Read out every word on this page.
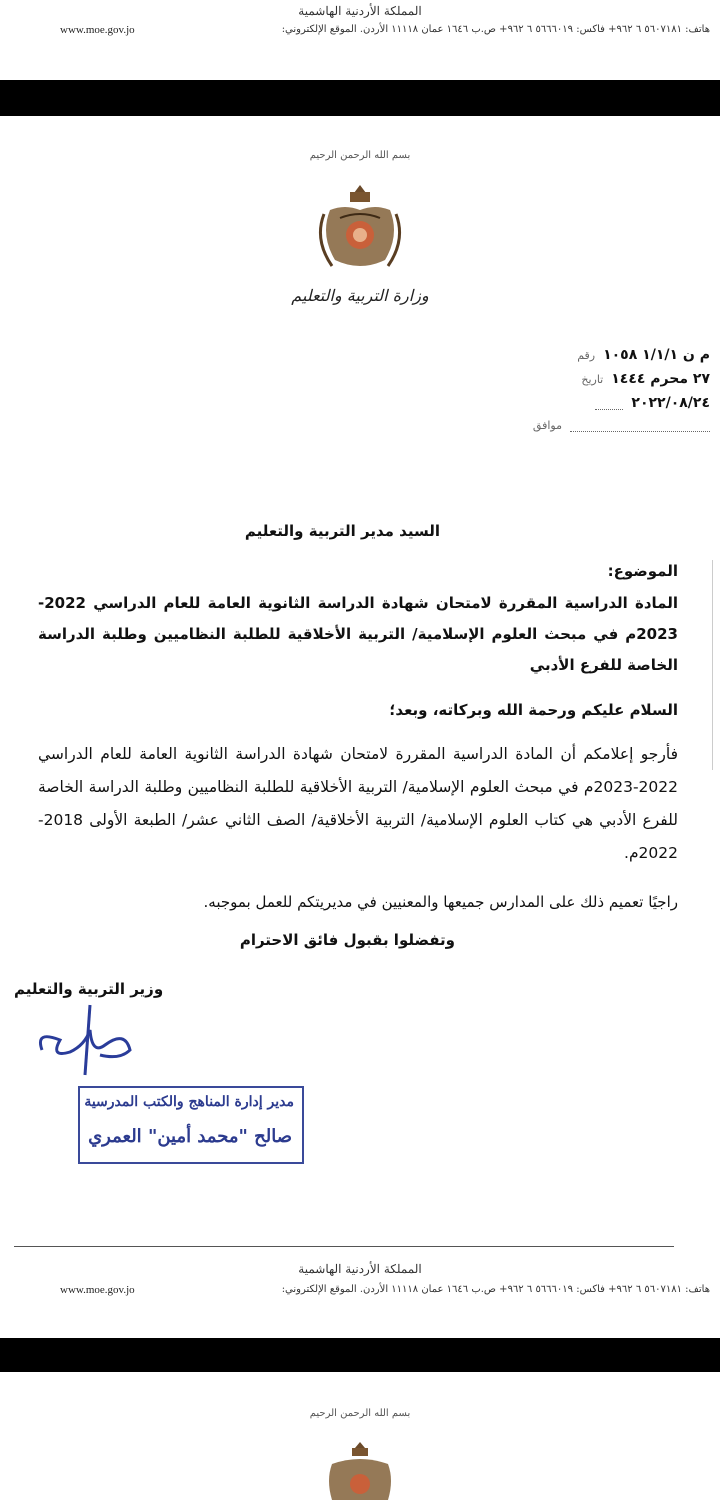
المملكة الأردنية الهاشمية
هاتف: ٥٦٠٧١٨١ ٦ ٩٦٢+ فاكس: ٥٦٦٦٠١٩ ٦ ٩٦٢+ ص.ب ١٦٤٦ عمان ١١١١٨ الأردن. الموقع الإلكتروني:
www.moe.gov.jo
بسم الله الرحمن الرحيم
وزارة التربية والتعليم
رقم م ن ١/١/١ ١٠٥٨
تاريخ ٢٧ محرم ١٤٤٤
٢٠٢٢/٠٨/٢٤
موافق
السيد مدير التربية والتعليم
الموضوع:
المادة الدراسية المقررة لامتحان شهادة الدراسة الثانوية العامة للعام الدراسي 2022-2023م في مبحث العلوم الإسلامية/ التربية الأخلاقية للطلبة النظاميين وطلبة الدراسة الخاصة للفرع الأدبي
السلام عليكم ورحمة الله وبركاته، وبعد؛
فأرجو إعلامكم أن المادة الدراسية المقررة لامتحان شهادة الدراسة الثانوية العامة للعام الدراسي 2022-2023م في مبحث العلوم الإسلامية/ التربية الأخلاقية للطلبة النظاميين وطلبة الدراسة الخاصة للفرع الأدبي هي كتاب العلوم الإسلامية/ التربية الأخلاقية/ الصف الثاني عشر/ الطبعة الأولى 2018-2022م.
راجيًا تعميم ذلك على المدارس جميعها والمعنيين في مديريتكم للعمل بموجبه.
وتفضلوا بقبول فائق الاحترام
وزير التربية والتعليم
مدير إدارة المناهج والكتب المدرسية
صالح "محمد أمين" العمري
المملكة الأردنية الهاشمية
هاتف: ٥٦٠٧١٨١ ٦ ٩٦٢+ فاكس: ٥٦٦٦٠١٩ ٦ ٩٦٢+ ص.ب ١٦٤٦ عمان ١١١١٨ الأردن. الموقع الإلكتروني:
www.moe.gov.jo
بسم الله الرحمن الرحيم
